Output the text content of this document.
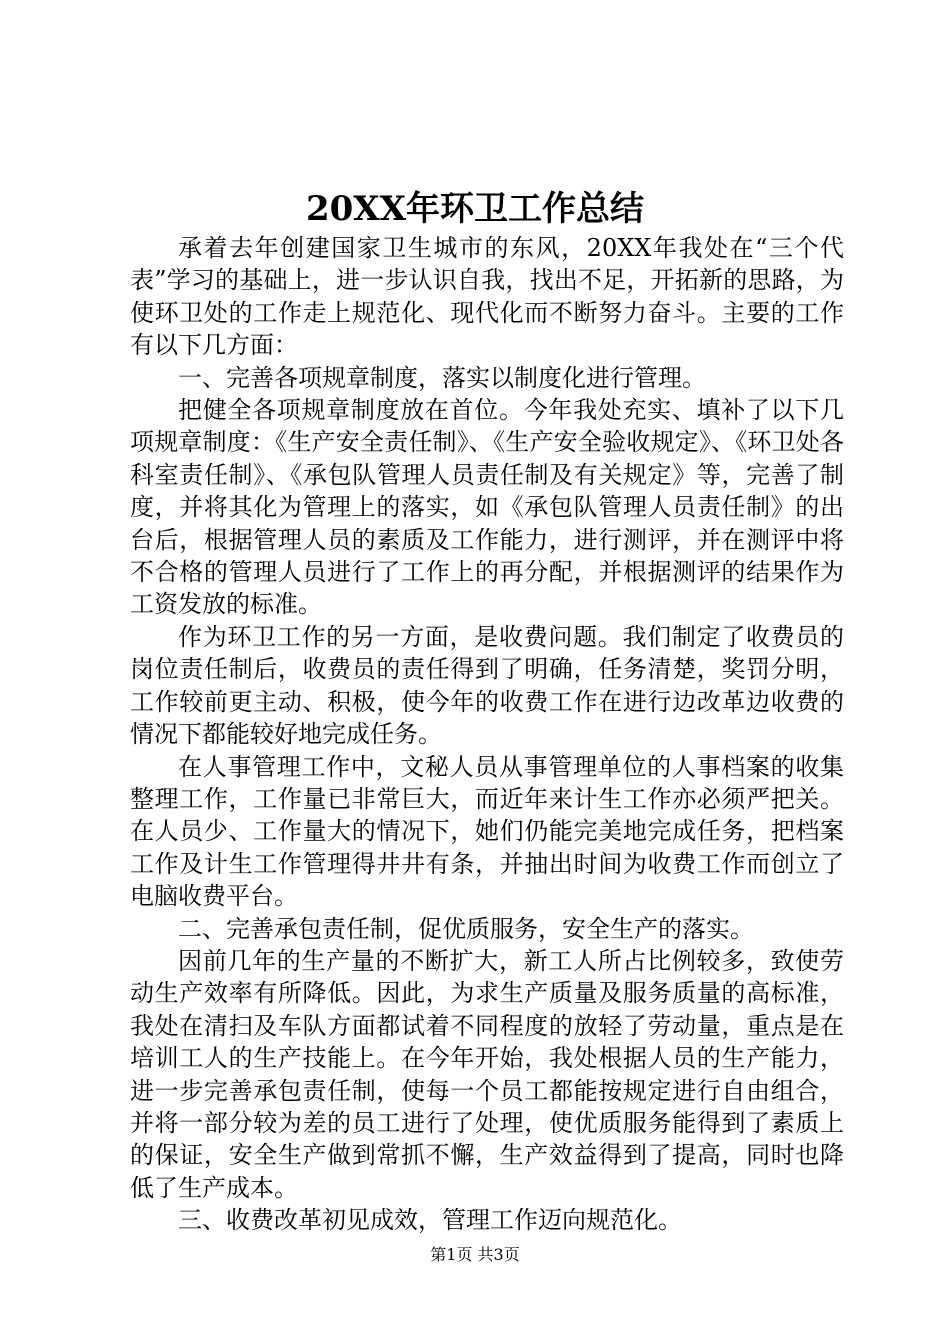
20XX年环卫工作总结

承着去年创建国家卫生城市的东风，20XX年我处在“三个代表”学习的基础上，进一步认识自我，找出不足，开拓新的思路，为使环卫处的工作走上规范化、现代化而不断努力奋斗。主要的工作有以下几方面：

一、完善各项规章制度，落实以制度化进行管理。

把健全各项规章制度放在首位。今年我处充实、填补了以下几项规章制度：《生产安全责任制》、《生产安全验收规定》、《环卫处各科室责任制》、《承包队管理人员责任制及有关规定》等，完善了制度，并将其化为管理上的落实，如《承包队管理人员责任制》的出台后，根据管理人员的素质及工作能力，进行测评，并在测评中将不合格的管理人员进行了工作上的再分配，并根据测评的结果作为工资发放的标准。

作为环卫工作的另一方面，是收费问题。我们制定了收费员的岗位责任制后，收费员的责任得到了明确，任务清楚，奖罚分明，工作较前更主动、积极，使今年的收费工作在进行边改革边收费的情况下都能较好地完成任务。

在人事管理工作中，文秘人员从事管理单位的人事档案的收集整理工作，工作量已非常巨大，而近年来计生工作亦必须严把关。在人员少、工作量大的情况下，她们仍能完美地完成任务，把档案工作及计生工作管理得井井有条，并抽出时间为收费工作而创立了电脑收费平台。

二、完善承包责任制，促优质服务，安全生产的落实。

因前几年的生产量的不断扩大，新工人所占比例较多，致使劳动生产效率有所降低。因此，为求生产质量及服务质量的高标准，我处在清扫及车队方面都试着不同程度的放轻了劳动量，重点是在培训工人的生产技能上。在今年开始，我处根据人员的生产能力，进一步完善承包责任制，使每一个员工都能按规定进行自由组合，并将一部分较为差的员工进行了处理，使优质服务能得到了素质上的保证，安全生产做到常抓不懈，生产效益得到了提高，同时也降低了生产成本。

三、收费改革初见成效，管理工作迈向规范化。

第1页 共3页
